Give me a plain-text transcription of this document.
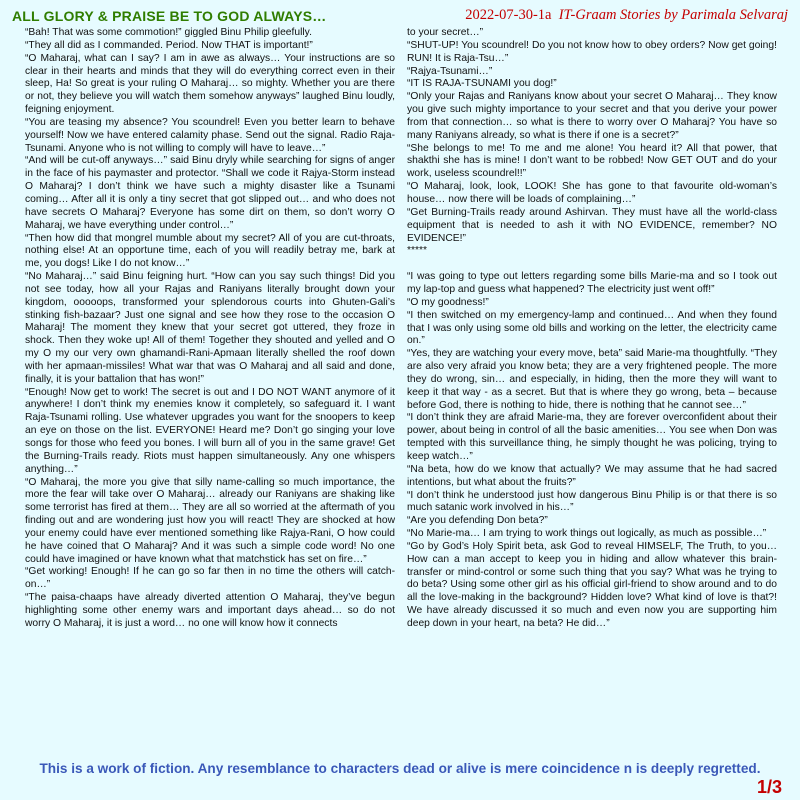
ALL GLORY & PRAISE BE TO GOD ALWAYS…	2022-07-30-1a IT-Graam Stories by Parimala Selvaraj

“Bah! That was some commotion!” giggled Binu Philip gleefully.

“They all did as I commanded. Period. Now THAT is important!”

“O Maharaj, what can I say? I am in awe as always… Your instructions are so clear in their hearts and minds that they will do everything correct even in their sleep, Ha! So great is your ruling O Maharaj… so mighty. Whether you are there or not, they believe you will watch them somehow anyways” laughed Binu loudly, feigning enjoyment.

“You are teasing my absence? You scoundrel! Even you better learn to behave yourself! Now we have entered calamity phase. Send out the signal. Radio Raja-Tsunami. Anyone who is not willing to comply will have to leave…”

“And will be cut-off anyways…” said Binu dryly while searching for signs of anger in the face of his paymaster and protector. “Shall we code it Rajya-Storm instead O Maharaj? I don’t think we have such a mighty disaster like a Tsunami coming… After all it is only a tiny secret that got slipped out… and who does not have secrets O Maharaj? Everyone has some dirt on them, so don’t worry O Maharaj, we have everything under control…”

“Then how did that mongrel mumble about my secret? All of you are cut-throats, nothing else! At an opportune time, each of you will readily betray me, bark at me, you dogs! Like I do not know…”

“No Maharaj…” said Binu feigning hurt. “How can you say such things! Did you not see today, how all your Rajas and Raniyans literally brought down your kingdom, ooooops, transformed your splendorous courts into Ghuten-Gali’s stinking fish-bazaar? Just one signal and see how they rose to the occasion O Maharaj! The moment they knew that your secret got uttered, they froze in shock. Then they woke up! All of them! Together they shouted and yelled and O my O my our very own ghamandi-Rani-Apmaan literally shelled the roof down with her apmaan-missiles! What war that was O Maharaj and all said and done, finally, it is your battalion that has won!”

“Enough! Now get to work! The secret is out and I DO NOT WANT anymore of it anywhere! I don’t think my enemies know it completely, so safeguard it. I want Raja-Tsunami rolling. Use whatever upgrades you want for the snoopers to keep an eye on those on the list. EVERYONE! Heard me? Don’t go singing your love songs for those who feed you bones. I will burn all of you in the same grave! Get the Burning-Trails ready. Riots must happen simultaneously. Any one whispers anything…”

“O Maharaj, the more you give that silly name-calling so much importance, the more the fear will take over O Maharaj… already our Raniyans are shaking like some terrorist has fired at them… They are all so worried at the aftermath of you finding out and are wondering just how you will react! They are shocked at how your enemy could have ever mentioned something like Rajya-Rani, O how could he have coined that O Maharaj? And it was such a simple code word! No one could have imagined or have known what that matchstick has set on fire…”

“Get working! Enough! If he can go so far then in no time the others will catch-on…”

“The paisa-chaaps have already diverted attention O Maharaj, they’ve begun highlighting some other enemy wars and important days ahead… so do not worry O Maharaj, it is just a word… no one will know how it connects

to your secret…”

“SHUT-UP! You scoundrel! Do you not know how to obey orders? Now get going! RUN! It is Raja-Tsu…”

“Rajya-Tsunami…”

“IT IS RAJA-TSUNAMI you dog!”

“Only your Rajas and Raniyans know about your secret O Maharaj… They know you give such mighty importance to your secret and that you derive your power from that connection… so what is there to worry over O Maharaj? You have so many Raniyans already, so what is there if one is a secret?”

“She belongs to me! To me and me alone! You heard it? All that power, that shakthi she has is mine! I don’t want to be robbed! Now GET OUT and do your work, useless scoundrel!!”

“O Maharaj, look, look, LOOK! She has gone to that favourite old-woman’s house… now there will be loads of complaining…”

“Get Burning-Trails ready around Ashirvan. They must have all the world-class equipment that is needed to ash it with NO EVIDENCE, remember? NO EVIDENCE!”

*****

“I was going to type out letters regarding some bills Marie-ma and so I took out my lap-top and guess what happened? The electricity just went off!”

“O my goodness!”

“I then switched on my emergency-lamp and continued… And when they found that I was only using some old bills and working on the letter, the electricity came on.”

“Yes, they are watching your every move, beta” said Marie-ma thoughtfully. “They are also very afraid you know beta; they are a very frightened people. The more they do wrong, sin… and especially, in hiding, then the more they will want to keep it that way - as a secret. But that is where they go wrong, beta – because before God, there is nothing to hide, there is nothing that he cannot see…”

“I don’t think they are afraid Marie-ma, they are forever overconfident about their power, about being in control of all the basic amenities… You see when Don was tempted with this surveillance thing, he simply thought he was policing, trying to keep watch…”

“Na beta, how do we know that actually? We may assume that he had sacred intentions, but what about the fruits?”

“I don’t think he understood just how dangerous Binu Philip is or that there is so much satanic work involved in his…”

“Are you defending Don beta?”

“No Marie-ma… I am trying to work things out logically, as much as possible…”

“Go by God’s Holy Spirit beta, ask God to reveal HIMSELF, The Truth, to you… How can a man accept to keep you in hiding and allow whatever this brain-transfer or mind-control or some such thing that you say? What was he trying to do beta? Using some other girl as his official girl-friend to show around and to do all the love-making in the background? Hidden love? What kind of love is that?! We have already discussed it so much and even now you are supporting him deep down in your heart, na beta? He did…”

This is a work of fiction. Any resemblance to characters dead or alive is mere coincidence n is deeply regretted.
1/3
